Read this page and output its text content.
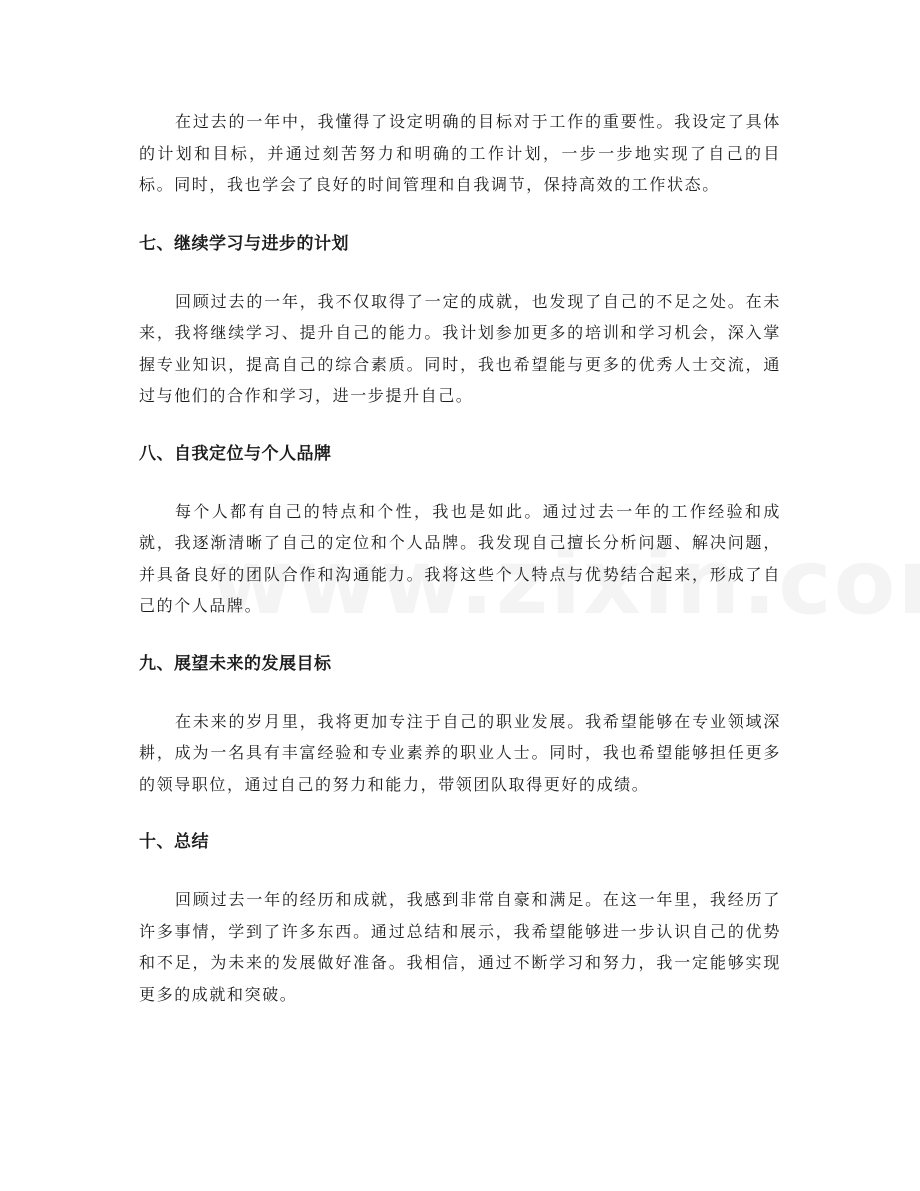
在过去的一年中，我懂得了设定明确的目标对于工作的重要性。我设定了具体的计划和目标，并通过刻苦努力和明确的工作计划，一步一步地实现了自己的目标。同时，我也学会了良好的时间管理和自我调节，保持高效的工作状态。

七、继续学习与进步的计划

回顾过去的一年，我不仅取得了一定的成就，也发现了自己的不足之处。在未来，我将继续学习、提升自己的能力。我计划参加更多的培训和学习机会，深入掌握专业知识，提高自己的综合素质。同时，我也希望能与更多的优秀人士交流，通过与他们的合作和学习，进一步提升自己。

八、自我定位与个人品牌

每个人都有自己的特点和个性，我也是如此。通过过去一年的工作经验和成就，我逐渐清晰了自己的定位和个人品牌。我发现自己擅长分析问题、解决问题，并具备良好的团队合作和沟通能力。我将这些个人特点与优势结合起来，形成了自己的个人品牌。

九、展望未来的发展目标

在未来的岁月里，我将更加专注于自己的职业发展。我希望能够在专业领域深耕，成为一名具有丰富经验和专业素养的职业人士。同时，我也希望能够担任更多的领导职位，通过自己的努力和能力，带领团队取得更好的成绩。

十、总结

回顾过去一年的经历和成就，我感到非常自豪和满足。在这一年里，我经历了许多事情，学到了许多东西。通过总结和展示，我希望能够进一步认识自己的优势和不足，为未来的发展做好准备。我相信，通过不断学习和努力，我一定能够实现更多的成就和突破。
